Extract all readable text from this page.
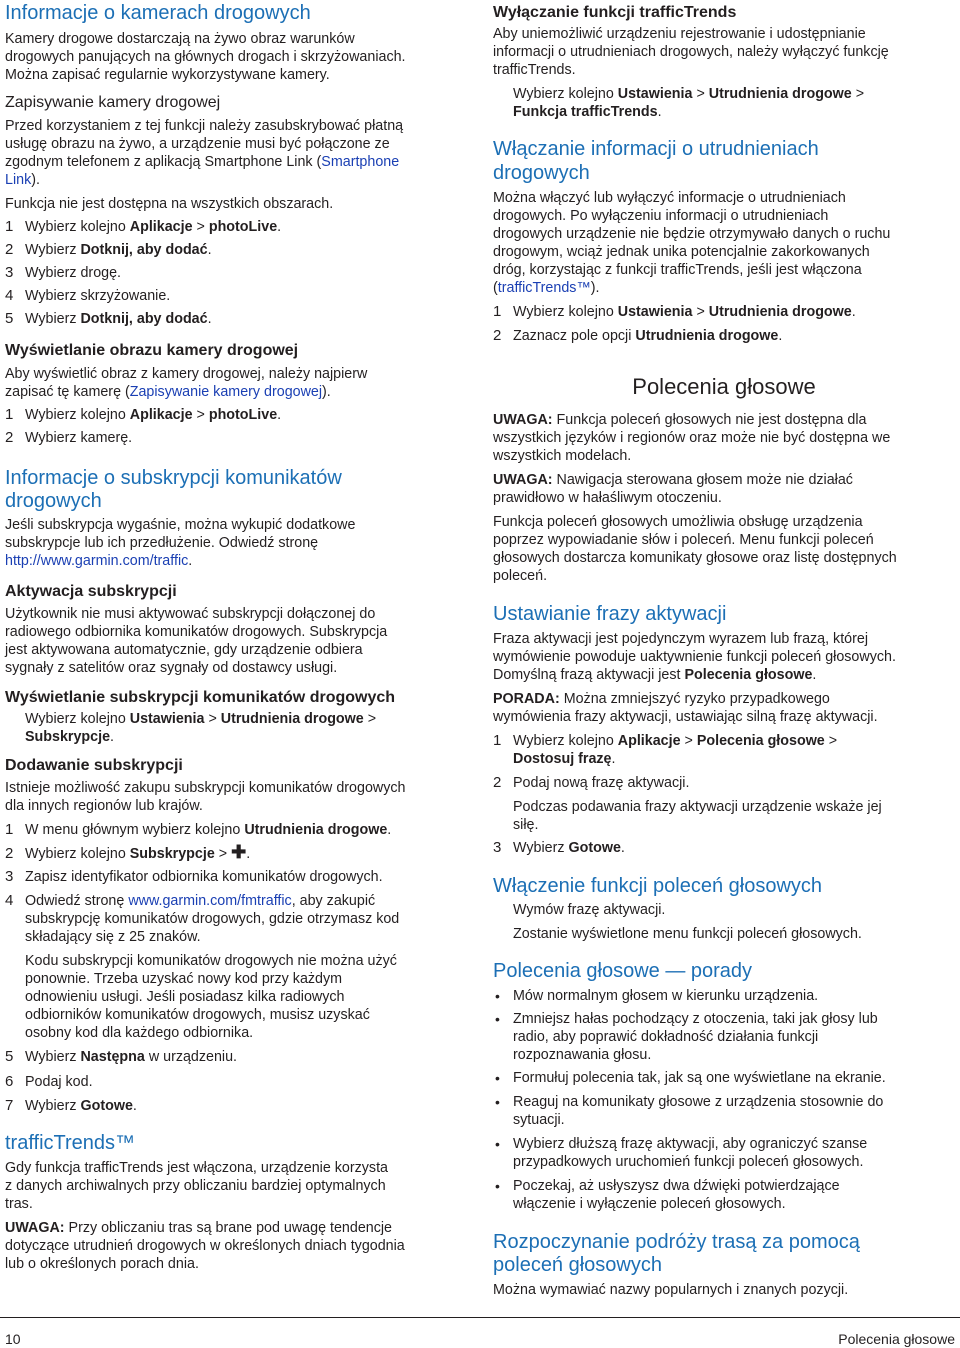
Informacje o kamerach drogowych
Kamery drogowe dostarczają na żywo obraz warunków
drogowych panujących na głównych drogach i skrzyżowaniach.
Można zapisać regularnie wykorzystywane kamery.
Zapisywanie kamery drogowej
Przed korzystaniem z tej funkcji należy zasubskrybować płatną
usługę obrazu na żywo, a urządzenie musi być połączone ze
zgodnym telefonem z aplikacją Smartphone Link (Smartphone
Link).
Funkcja nie jest dostępna na wszystkich obszarach.
1 Wybierz kolejno Aplikacje > photoLive.
2 Wybierz Dotknij, aby dodać.
3 Wybierz drogę.
4 Wybierz skrzyżowanie.
5 Wybierz Dotknij, aby dodać.
Wyświetlanie obrazu kamery drogowej
Aby wyświetlić obraz z kamery drogowej, należy najpierw
zapisać tę kamerę (Zapisywanie kamery drogowej).
1 Wybierz kolejno Aplikacje > photoLive.
2 Wybierz kamerę.
Informacje o subskrypcji komunikatów
drogowych
Jeśli subskrypcja wygaśnie, można wykupić dodatkowe
subskrypcje lub ich przedłużenie. Odwiedź stronę
http://www.garmin.com/traffic.
Aktywacja subskrypcji
Użytkownik nie musi aktywować subskrypcji dołączonej do
radiowego odbiornika komunikatów drogowych. Subskrypcja
jest aktywowana automatycznie, gdy urządzenie odbiera
sygnały z satelitów oraz sygnały od dostawcy usługi.
Wyświetlanie subskrypcji komunikatów drogowych
Wybierz kolejno Ustawienia > Utrudnienia drogowe >
Subskrypcje.
Dodawanie subskrypcji
Istnieje możliwość zakupu subskrypcji komunikatów drogowych
dla innych regionów lub krajów.
1 W menu głównym wybierz kolejno Utrudnienia drogowe.
2 Wybierz kolejno Subskrypcje > ✚.
3 Zapisz identyfikator odbiornika komunikatów drogowych.
4 Odwiedź stronę www.garmin.com/fmtraffic, aby zakupić
subskrypcję komunikatów drogowych, gdzie otrzymasz kod
składający się z 25 znaków.
Kodu subskrypcji komunikatów drogowych nie można użyć
ponownie. Trzeba uzyskać nowy kod przy każdym
odnowieniu usługi. Jeśli posiadasz kilka radiowych
odbiorników komunikatów drogowych, musisz uzyskać
osobny kod dla każdego odbiornika.
5 Wybierz Następna w urządzeniu.
6 Podaj kod.
7 Wybierz Gotowe.
trafficTrends™
Gdy funkcja trafficTrends jest włączona, urządzenie korzysta
z danych archiwalnych przy obliczaniu bardziej optymalnych
tras.
UWAGA: Przy obliczaniu tras są brane pod uwagę tendencje
dotyczące utrudnień drogowych w określonych dniach tygodnia
lub o określonych porach dnia.
Wyłączanie funkcji trafficTrends
Aby uniemożliwić urządzeniu rejestrowanie i udostępnianie
informacji o utrudnieniach drogowych, należy wyłączyć funkcję
trafficTrends.
Wybierz kolejno Ustawienia > Utrudnienia drogowe >
Funkcja trafficTrends.
Włączanie informacji o utrudnieniach
drogowych
Można włączyć lub wyłączyć informacje o utrudnieniach
drogowych. Po wyłączeniu informacji o utrudnieniach
drogowych urządzenie nie będzie otrzymywało danych o ruchu
drogowym, wciąż jednak unika potencjalnie zakorkowanych
dróg, korzystając z funkcji trafficTrends, jeśli jest włączona
(trafficTrends™).
1 Wybierz kolejno Ustawienia > Utrudnienia drogowe.
2 Zaznacz pole opcji Utrudnienia drogowe.
Polecenia głosowe
UWAGA: Funkcja poleceń głosowych nie jest dostępna dla
wszystkich języków i regionów oraz może nie być dostępna we
wszystkich modelach.
UWAGA: Nawigacja sterowana głosem może nie działać
prawidłowo w hałaśliwym otoczeniu.
Funkcja poleceń głosowych umożliwia obsługę urządzenia
poprzez wypowiadanie słów i poleceń. Menu funkcji poleceń
głosowych dostarcza komunikaty głosowe oraz listę dostępnych
poleceń.
Ustawianie frazy aktywacji
Fraza aktywacji jest pojedynczym wyrazem lub frazą, której
wymówienie powoduje uaktywnienie funkcji poleceń głosowych.
Domyślną frazą aktywacji jest Polecenia głosowe.
PORADA: Można zmniejszyć ryzyko przypadkowego
wymówienia frazy aktywacji, ustawiając silną frazę aktywacji.
1 Wybierz kolejno Aplikacje > Polecenia głosowe >
Dostosuj frazę.
2 Podaj nową frazę aktywacji.
Podczas podawania frazy aktywacji urządzenie wskaże jej
siłę.
3 Wybierz Gotowe.
Włączenie funkcji poleceń głosowych
Wymów frazę aktywacji.
Zostanie wyświetlone menu funkcji poleceń głosowych.
Polecenia głosowe — porady
• Mów normalnym głosem w kierunku urządzenia.
• Zmniejsz hałas pochodzący z otoczenia, taki jak głosy lub
radio, aby poprawić dokładność działania funkcji
rozpoznawania głosu.
• Formułuj polecenia tak, jak są one wyświetlane na ekranie.
• Reaguj na komunikaty głosowe z urządzenia stosownie do
sytuacji.
• Wybierz dłuższą frazę aktywacji, aby ograniczyć szanse
przypadkowych uruchomień funkcji poleceń głosowych.
• Poczekaj, aż usłyszysz dwa dźwięki potwierdzające
włączenie i wyłączenie poleceń głosowych.
Rozpoczynanie podróży trasą za pomocą
poleceń głosowych
Można wymawiać nazwy popularnych i znanych pozycji.
10	Polecenia głosowe
